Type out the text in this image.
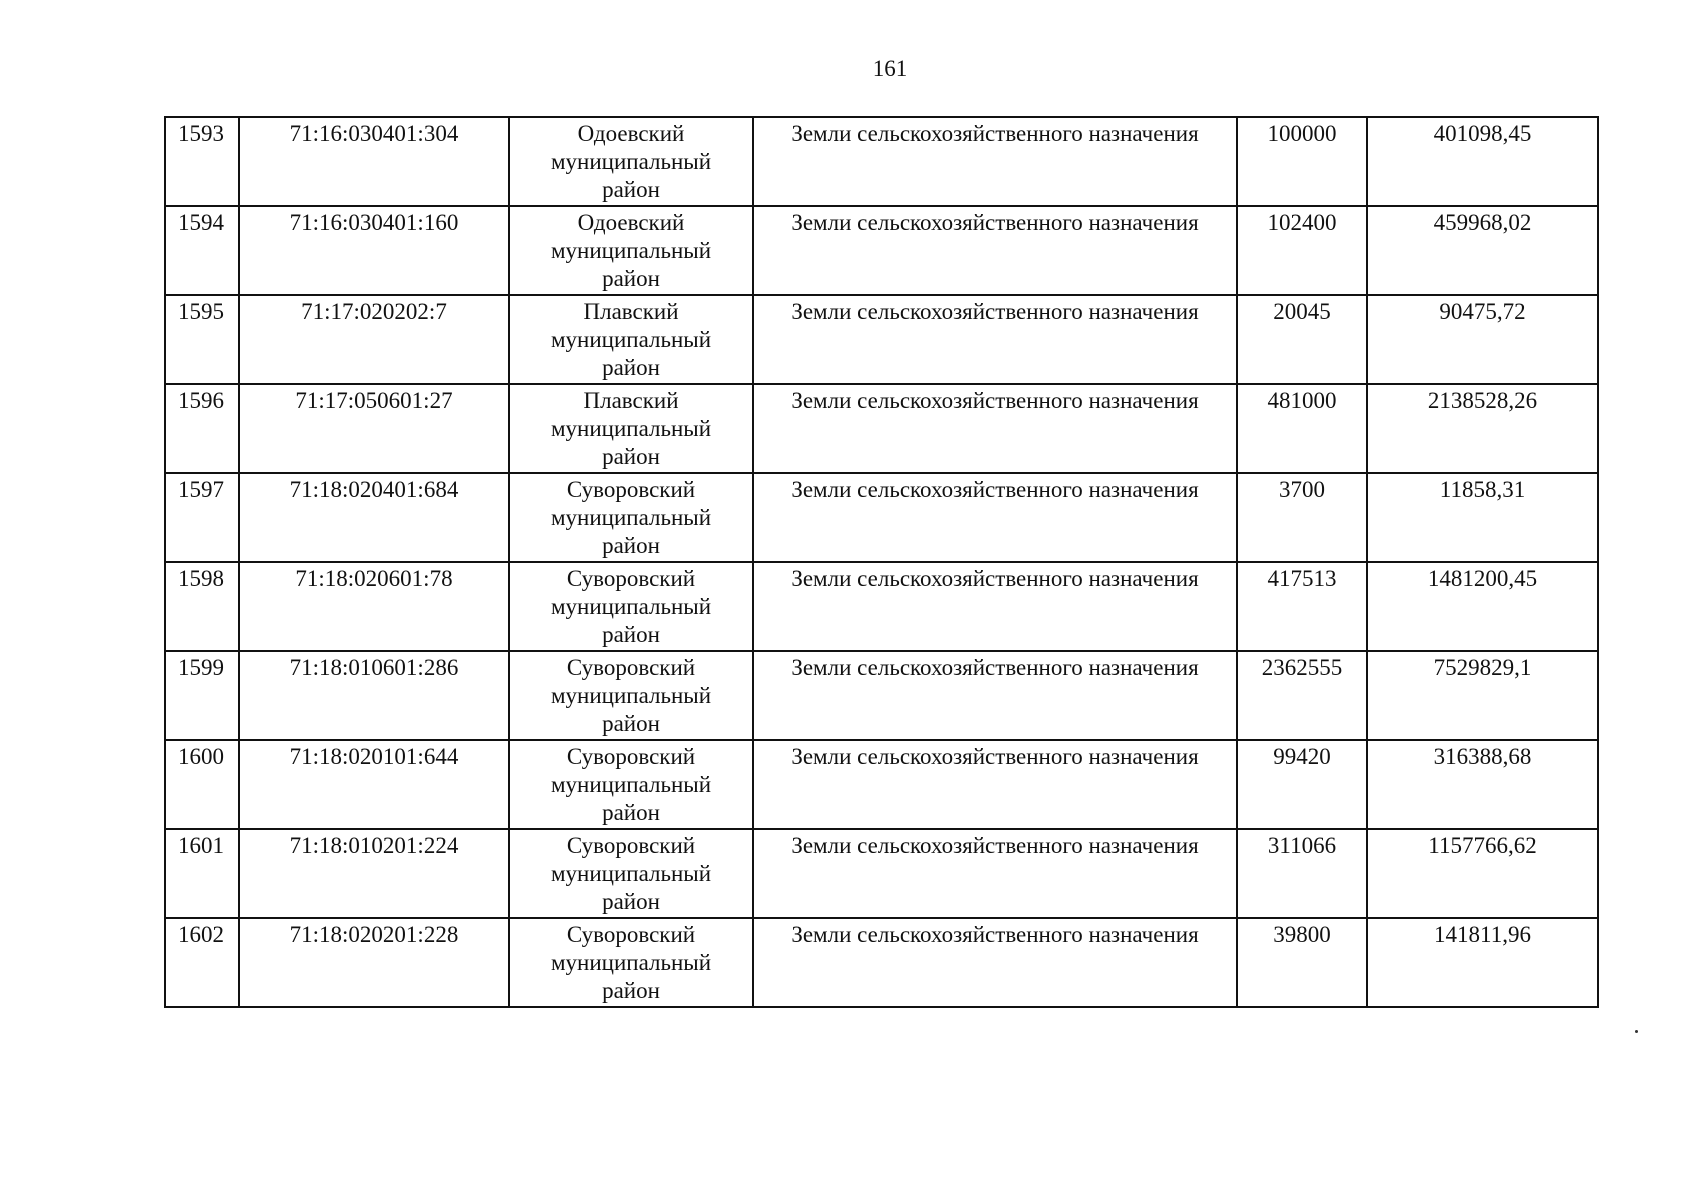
161
1593	71:16:030401:304	Одоевский
муниципальный
район	Земли сельскохозяйственного назначения	100000	401098,45
1594	71:16:030401:160	Одоевский
муниципальный
район	Земли сельскохозяйственного назначения	102400	459968,02
1595	71:17:020202:7	Плавский
муниципальный
район	Земли сельскохозяйственного назначения	20045	90475,72
1596	71:17:050601:27	Плавский
муниципальный
район	Земли сельскохозяйственного назначения	481000	2138528,26
1597	71:18:020401:684	Суворовский
муниципальный
район	Земли сельскохозяйственного назначения	3700	11858,31
1598	71:18:020601:78	Суворовский
муниципальный
район	Земли сельскохозяйственного назначения	417513	1481200,45
1599	71:18:010601:286	Суворовский
муниципальный
район	Земли сельскохозяйственного назначения	2362555	7529829,1
1600	71:18:020101:644	Суворовский
муниципальный
район	Земли сельскохозяйственного назначения	99420	316388,68
1601	71:18:010201:224	Суворовский
муниципальный
район	Земли сельскохозяйственного назначения	311066	1157766,62
1602	71:18:020201:228	Суворовский
муниципальный
район	Земли сельскохозяйственного назначения	39800	141811,96
